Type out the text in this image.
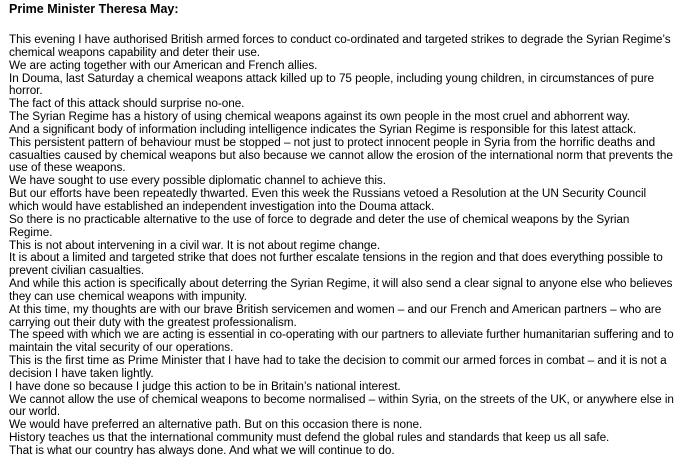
Prime Minister Theresa May:

This evening I have authorised British armed forces to conduct co-ordinated and targeted strikes to degrade the Syrian Regime’s chemical weapons capability and deter their use.

We are acting together with our American and French allies.

In Douma, last Saturday a chemical weapons attack killed up to 75 people, including young children, in circumstances of pure horror.

The fact of this attack should surprise no-one.

The Syrian Regime has a history of using chemical weapons against its own people in the most cruel and abhorrent way.

And a significant body of information including intelligence indicates the Syrian Regime is responsible for this latest attack.

This persistent pattern of behaviour must be stopped – not just to protect innocent people in Syria from the horrific deaths and casualties caused by chemical weapons but also because we cannot allow the erosion of the international norm that prevents the use of these weapons.

We have sought to use every possible diplomatic channel to achieve this.

But our efforts have been repeatedly thwarted. Even this week the Russians vetoed a Resolution at the UN Security Council which would have established an independent investigation into the Douma attack.

So there is no practicable alternative to the use of force to degrade and deter the use of chemical weapons by the Syrian Regime.

This is not about intervening in a civil war. It is not about regime change.

It is about a limited and targeted strike that does not further escalate tensions in the region and that does everything possible to prevent civilian casualties.

And while this action is specifically about deterring the Syrian Regime, it will also send a clear signal to anyone else who believes they can use chemical weapons with impunity.

At this time, my thoughts are with our brave British servicemen and women – and our French and American partners – who are carrying out their duty with the greatest professionalism.

The speed with which we are acting is essential in co-operating with our partners to alleviate further humanitarian suffering and to maintain the vital security of our operations.

This is the first time as Prime Minister that I have had to take the decision to commit our armed forces in combat – and it is not a decision I have taken lightly.

I have done so because I judge this action to be in Britain’s national interest.

We cannot allow the use of chemical weapons to become normalised – within Syria, on the streets of the UK, or anywhere else in our world.

We would have preferred an alternative path. But on this occasion there is none.

History teaches us that the international community must defend the global rules and standards that keep us all safe.

That is what our country has always done. And what we will continue to do.
